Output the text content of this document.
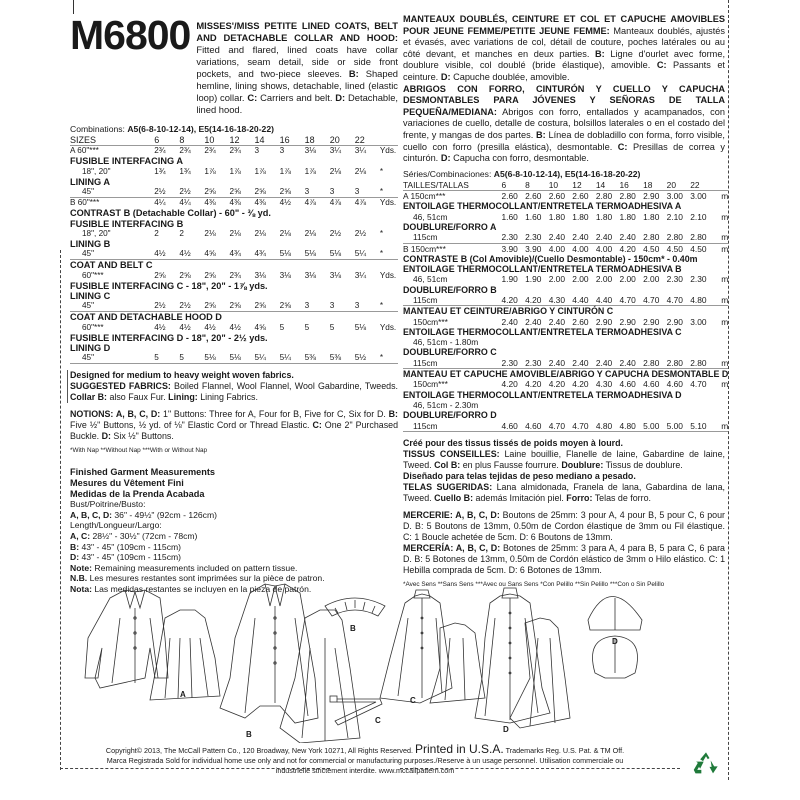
M6800 MISSES'/MISS PETITE LINED COATS, BELT AND DETACHABLE COLLAR AND HOOD: Fitted and flared, lined coats have collar variations, seam detail, side or side front pockets, and two-piece sleeves. B: Shaped hemline, lining shows, detachable, lined (elastic loop) collar. C: Carriers and belt. D: Detachable, lined hood.
Combinations: A5(6-8-10-12-14), E5(14-16-18-20-22)
SIZES	6	8	10	12	14	16	18	20	22	
A 60"***	2¾	2¾	2¾	2¾	3	3	3⅛	3¼	3¼	Yds.
FUSIBLE INTERFACING A										
18", 20"	1¾	1¾	1⅞	1⅞	1⅞	1⅞	1⅞	2⅛	2⅛	*
LINING A										
45"	2½	2½	2⅝	2⅝	2⅝	2⅝	3	3	3	*
B 60"***	4¼	4¼	4⅜	4⅜	4⅜	4½	4⅞	4⅞	4⅞	Yds.
CONTRAST B (Detachable Collar) - 60" - ⅜ yd.										
FUSIBLE INTERFACING B										
18", 20"	2	2	2⅛	2⅛	2⅛	2⅛	2⅛	2½	2½	*
LINING B										
45"	4½	4½	4⅝	4¾	4¾	5⅛	5⅛	5⅛	5¼	*
COAT AND BELT C										
60"***	2⅝	2⅝	2⅝	2¾	3⅛	3⅛	3⅛	3⅛	3¼	Yds.
FUSIBLE INTERFACING C - 18", 20" - 1⅞ yds.										
LINING C										
45"	2½	2½	2⅝	2⅝	2⅝	2⅝	3	3	3	*
COAT AND DETACHABLE HOOD D										
60"***	4½	4½	4½	4½	4⅝	5	5	5	5⅛	Yds.
FUSIBLE INTERFACING D - 18", 20" - 2½ yds.										
LINING D										
45"	5	5	5⅛	5⅛	5¼	5¼	5⅜	5⅜	5½	*
Designed for medium to heavy weight woven fabrics.
SUGGESTED FABRICS: Boiled Flannel, Wool Flannel, Wool Gabardine, Tweeds. Collar B: also Faux Fur. Lining: Lining Fabrics.
NOTIONS: A, B, C, D: 1" Buttons: Three for A, Four for B, Five for C, Six for D. B: Five ½" Buttons, ½ yd. of ⅛" Elastic Cord or Thread Elastic. C: One 2" Purchased Buckle. D: Six ½" Buttons.
*With Nap **Without Nap ***With or Without Nap
Finished Garment Measurements
Mesures du Vêtement Fini
Medidas de la Prenda Acabada
Bust/Poitrine/Busto:
A, B, C, D: 36" - 49½" (92cm - 126cm)
Length/Longueur/Largo:
A, C: 28½" - 30½" (72cm - 78cm)
B: 43" - 45" (109cm - 115cm)
D: 43" - 45" (109cm - 115cm)
Note: Remaining measurements included on pattern tissue.
N.B. Les mesures restantes sont imprimées sur la pièce de patron.
Nota: Las medidas restantes se incluyen en la pieza de patrón.
MANTEAUX DOUBLÉS, CEINTURE ET COL ET CAPUCHE AMOVIBLES POUR JEUNE FEMME/PETITE JEUNE FEMME: Manteaux doublés, ajustés et évasés, avec variations de col, détail de couture, poches latérales ou au côté devant, et manches en deux parties. B: Ligne d'ourlet avec forme, doublure visible, col doublé (bride élastique), amovible. C: Passants et ceinture. D: Capuche doublée, amovible.
ABRIGOS CON FORRO, CINTURÓN Y CUELLO Y CAPUCHA DESMONTABLES PARA JÓVENES Y SEÑORAS DE TALLA PEQUEÑA/MEDIANA: Abrigos con forro, entallados y acampanados, con variaciones de cuello, detalle de costura, bolsillos laterales o en el costado del frente, y mangas de dos partes. B: Línea de dobladillo con forma, forro visible, cuello con forro (presilla elástica), desmontable. C: Presillas de correa y cinturón. D: Capucha con forro, desmontable.
Séries/Combinaciones: A5(6-8-10-12-14), E5(14-16-18-20-22)
TAILLES/TALLAS	6	8	10	12	14	16	18	20	22	
A 150cm***	2.60	2.60	2.60	2.60	2.80	2.80	2.90	3.00	3.00	m
ENTOILAGE THERMOCOLLANT/ENTRETELA TERMOADHESIVA A										
46, 51cm	1.60	1.60	1.80	1.80	1.80	1.80	1.80	2.10	2.10	m
DOUBLURE/FORRO A										
115cm	2.30	2.30	2.40	2.40	2.40	2.40	2.80	2.80	2.80	m
B 150cm***	3.90	3.90	4.00	4.00	4.00	4.20	4.50	4.50	4.50	m
CONTRASTE B (Col Amovible)/(Cuello Desmontable) - 150cm* - 0.40m										
ENTOILAGE THERMOCOLLANT/ENTRETELA TERMOADHESIVA B										
46, 51cm	1.90	1.90	2.00	2.00	2.00	2.00	2.00	2.30	2.30	m
DOUBLURE/FORRO B										
115cm	4.20	4.20	4.30	4.40	4.40	4.70	4.70	4.70	4.80	m
MANTEAU ET CEINTURE/ABRIGO Y CINTURÓN C										
150cm***	2.40	2.40	2.40	2.60	2.90	2.90	2.90	2.90	3.00	m
ENTOILAGE THERMOCOLLANT/ENTRETELA TERMOADHESIVA C										
46, 51cm - 1.80m										
DOUBLURE/FORRO C										
115cm	2.30	2.30	2.40	2.40	2.40	2.40	2.80	2.80	2.80	m
MANTEAU ET CAPUCHE AMOVIBLE/ABRIGO Y CAPUCHA DESMONTABLE D										
150cm***	4.20	4.20	4.20	4.20	4.30	4.60	4.60	4.60	4.70	m
ENTOILAGE THERMOCOLLANT/ENTRETELA TERMOADHESIVA D										
46, 51cm - 2.30m										
DOUBLURE/FORRO D										
115cm	4.60	4.60	4.70	4.70	4.80	4.80	5.00	5.00	5.10	m
Créé pour des tissus tissés de poids moyen à lourd.
TISSUS CONSEILLES: Laine bouillie, Flanelle de laine, Gabardine de laine, Tweed. Col B: en plus Fausse fourrure. Doublure: Tissus de doublure.
Diseñado para telas tejidas de peso mediano a pesado.
TELAS SUGERIDAS: Lana almidonada, Franela de lana, Gabardina de lana, Tweed. Cuello B: además Imitación piel. Forro: Telas de forro.
MERCERIE: A, B, C, D: Boutons de 25mm: 3 pour A, 4 pour B, 5 pour C, 6 pour D. B: 5 Boutons de 13mm, 0.50m de Cordon élastique de 3mm ou Fil élastique. C: 1 Boucle achetée de 5cm. D: 6 Boutons de 13mm.
MERCERÍA: A, B, C, D: Botones de 25mm: 3 para A, 4 para B, 5 para C, 6 para D. B: 5 Botones de 13mm, 0.50m de Cordón elástico de 3mm o Hilo elástico. C: 1 Hebilla comprada de 5cm. D: 6 Botones de 13mm.
*Avec Sens **Sans Sens ***Avec ou Sans Sens *Con Pelillo **Sin Pelillo ***Con o Sin Pelillo
A
B
B
C
C
D
D
Copyright© 2013, The McCall Pattern Co., 120 Broadway, New York 10271, All Rights Reserved. Printed in U.S.A. Trademarks Reg. U.S. Pat. & TM Off.
Marca Registrada Sold for individual home use only and not for commercial or manufacturing purposes./Reserve à un usage personnel. Utilisation commerciale ou
industrielle strictement interdite. www.mccallpattern.com
